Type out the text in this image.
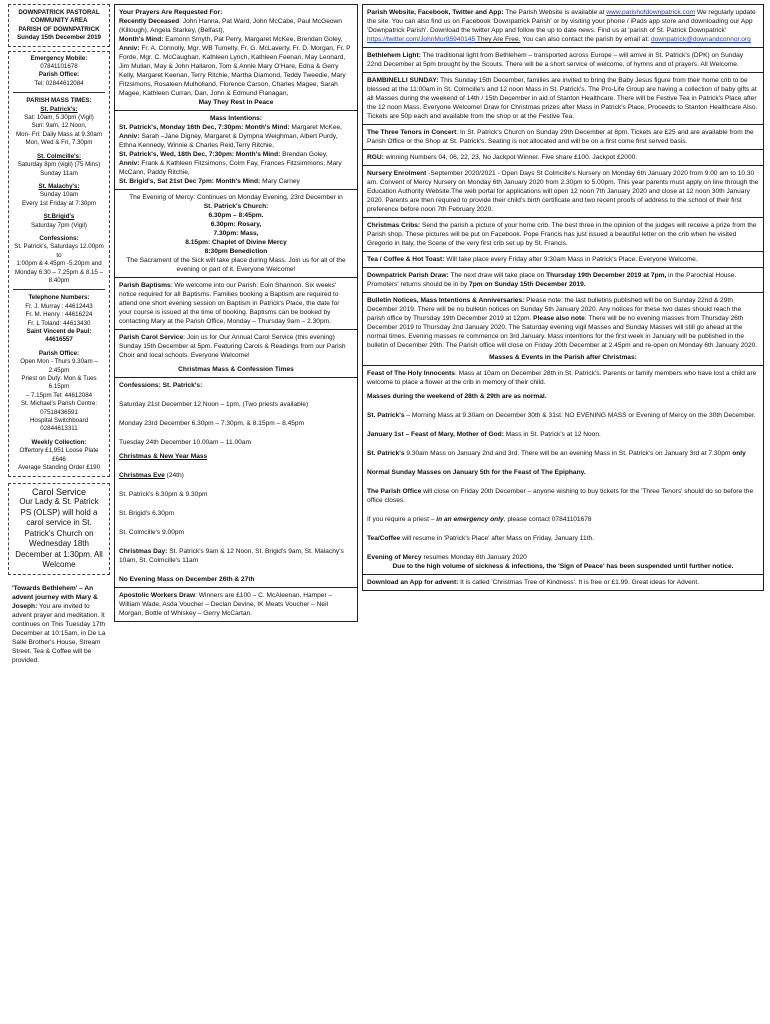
DOWNPATRICK PASTORAL

COMMUNITY AREA

PARISH OF DOWNPATRICK

Sunday 15th December 2019

Emergency Mobile: 07841101678

Parish Office:

Tel: 02844612084

PARISH MASS TIMES:

St. Patrick's:

Sat: 10am, 5.30pm (Vigil)

Sun: 9am, 12 Noon,

Mon- Fri: Daily Mass at 9.30am

Mon, Wed & Fri, 7.30pm

St. Colmcille's:

Saturday 8pm (vigil) (75 Mins)

Sunday 11am

St. Malachy's:

Sunday 10am

Every 1st Friday at 7:30pm

St.Brigid's

Saturday 7pm (Vigil)

Confessions:

St. Patrick's, Saturdays 12.00pm to

1:00pm & 4.45pm -5.20pm and

Monday 6:30 – 7.25pm & 8.15 –

8.40pm

Telephone Numbers:

Fr. J. Murray : 44612443

Fr. M. Henry : 44616224

Fr. L Toland: 44613430

Saint Vincent de Paul: 44616557

Parish Office:

Open Mon - Thurs 9.30am –

2:45pm

Priest on Duty: Mon & Tues 6.15pm

– 7.15pm Tel: 44612084

St. Michael's Parish Centre:

07518436591

Hospital Switchboard

02844613311

Weekly Collection:

Offertory £1,951 Loose Plate £646

Average Standing Order £190

Carol Service

Our Lady & St. Patrick PS (OLSP) will hold a carol service in St. Patrick's Church on Wednesday 18th December at 1:30pm. All Welcome

'Towards Bethlehem' – An advent journey with Mary & Joseph: You are invited to advent prayer and meditation. It continues on This Tuesday 17th December at 10:15am, in De La Salle Brother's House, Stream Street. Tea & Coffee will be provided.

Your Prayers Are Requested For:

Recently Deceased: John Hanna, Pat Ward, John McCabe, Paul McGeown (Killough), Angela Starkey, (Belfast),

Month's Mind: Eamonn Smyth, Pat Perry, Margaret McKee, Brendan Goley,

Anniv: Fr. A. Connolly, Mgr. WB Tumelty, Fr. G. McLaverty, Fr. D. Morgan, Fr. P Forde, Mgr. C. McCaughan, Kathleen Lynch, Kathleen Feenan, May Leonard, Jim Mullan, May & John Hallaron, Tom & Annie Mary O'Hare, Edna & Gerry Kelly, Margaret Keenan, Terry Ritchie, Martha Diamond, Teddy Tweedie, Mary Fitzsimons, Rosaleen Mulholland, Florence Carson, Charles Magee, Sarah Magee, Kathleen Curran, Dan, John & Edmund Flanagan,

May They Rest In Peace

Mass Intentions:

St. Patrick's, Monday 16th Dec, 7:30pm: Month's Mind: Margaret McKee,

Anniv: Sarah –Jane Digney, Margaret & Dympna Weighman, Albert Purdy, Ethna Kennedy, Winnie & Charles Reid,Terry Ritchie,

St. Patrick's, Wed, 18th Dec, 7:30pm: Month's Mind: Brendan Goley,

Anniv: Frank & Kathleen Fitzsimons, Colm Fay, Frances Fitzsimmons, Mary McCann, Paddy Ritchie,

St. Brigid's, Sat 21st Dec 7pm: Month's Mind: Mary Carney

The Evening of Mercy: Continues on Monday Evening, 23rd December in

St. Patrick's Church:

6.30pm – 8:45pm.

6.30pm: Rosary,

7.30pm: Mass,

8.15pm: Chaplet of Divine Mercy

8:30pm Benediction

The Sacrament of the Sick will take place during Mass. Join us for all of the evening or part of it. Everyone Welcome!

Parish Baptisms: We welcome into our Parish: Eoin Shannon. Six weeks' notice required for all Baptisms. Families booking a Baptism are required to attend one short evening session on Baptism in Patrick's Place, the date for your course is issued at the time of booking. Baptisms can be booked by contacting Mary at the Parish Office, Monday – Thursday 9am – 2.30pm.

Parish Carol Service: Join us for Our Annual Carol Service (this evening) Sunday 15th December at 5pm. Featuring Carols & Readings from our Parish Choir and local schools. Everyone Welcome!

Christmas Mass & Confession Times

Confessions: St. Patrick's:

Saturday 21st December 12 Noon – 1pm, (Two priests available)

Monday 23rd December 6.30pm – 7.30pm, & 8.15pm – 8.45pm

Tuesday 24th December 10.00am – 11.00am

Christmas & New Year Mass

Christmas Eve (24th)

St. Patrick's 6.30pm & 9.30pm

St. Brigid's 6.30pm

St. Colmcille's 9.00pm

Christmas Day: St. Patrick's 9am & 12 Noon, St. Brigid's 9am, St. Malachy's 10am, St. Colmcille's 11am

No Evening Mass on December 26th & 27th

Apostolic Workers Draw: Winners are £100 – C. McAleenan, Hamper – William Wade, Asda Voucher – Declan Devine, IK Meats Voucher – Neil Morgan, Bottle of Whiskey – Gerry McCartan.

Parish Website, Facebook, Twitter and App: The Parish Website is available at www.parishofdownpatrick.com We regularly update the site. You can also find us on Facebook 'Downpatrick Parish' or by visiting your phone / iPads app store and downloading our App 'Downpatrick Parish'. Download the twitter App and follow the up to date news. Find us at 'parish of St. Patrick Downpatrick' https://twitter.com/JohnMur95940145 They Are Free. You can also contact the parish by email at: downpatrick@downandconnor.org

Bethlehem Light: The traditional light from Bethlehem – transported across Europe – will arrive in St. Patrick's (DPK) on Sunday 22nd December at 5pm brought by the Scouts. There will be a short service of welcome, of hymns and of prayers. All Welcome.

BAMBINELLI SUNDAY: This Sunday 15th December, families are invited to bring the Baby Jesus figure from their home crib to be blessed at the 11:00am in St. Colmcille's and 12 noon Mass in St. Patrick's. The Pro-Life Group are having a collection of baby gifts at all Masses during the weekend of 14th / 15th December in aid of Stanton Healthcare. There will be Festive Tea in Patrick's Place after the 12 noon Mass. Everyone Welcome! Draw for Christmas prizes after Mass in Patrick's Place, Proceeds to Stanton Healthcare Also. Tickets are 50p each and available from the shop or at the Festive Tea.

The Three Tenors in Concert: In St. Patrick's Church on Sunday 29th December at 8pm. Tickets are £25 and are available from the Parish Office or the Shop at St. Patrick's. Seating is not allocated and will be on a first come first served basis.

RGU: winning Numbers 04, 06, 22, 23, No Jackpot Winner. Five share £100. Jackpot £2000.

Nursery Enrolment -September 2020/2021 - Open Days St Colmcille's Nursery on Monday 6th January 2020 from 9.00 am to 10.30 am. Convent of Mercy Nursery on Monday 6th January 2020 from 2.30pm to 5.00pm. This year parents must apply on line through the Education Authority Website.The web portal for applications will open 12 noon 7th January 2020 and close at 12 noon 30th January 2020. Parents are then required to provide their child's birth certificate and two recent proofs of address to the school of their first preference before noon 7th February 2020.

Christmas Cribs: Send the parish a picture of your home crib. The best three in the opinion of the judges will receive a prize from the Parish shop. These pictures will be put on Facebook. Pope Francis has just issued a beautiful letter on the crib when he visited Gregorio in Italy, the Scene of the very first crib set up by St. Francis.

Tea / Coffee & Hot Toast: Will take place every Friday after 9:30am Mass in Patrick's Place. Everyone Welcome.

Downpatrick Parish Draw: The next draw will take place on Thursday 19th December 2019 at 7pm, in the Parochial House. Promoters' returns should be in by 7pm on Sunday 15th December 2019.

Bulletin Notices, Mass Intentions & Anniversaries: Please note: the last bulletins published will be on Sunday 22nd & 29th December 2019. There will be no bulletin notices on Sunday 5th January 2020. Any notices for these two dates should reach the parish office by Thursday 19th December 2019 at 12pm. Please also note: There will be no evening masses from Thursday 26th December 2019 to Thursday 2nd January 2020. The Saturday evening vigil Masses and Sunday Masses will still go ahead at the normal times. Evening masses re commence on 3rd January. Mass intentions for the first week in January will be published in the bulletin of December 29th. The Parish office will close on Friday 20th December at 2.45pm and re-open on Monday 6th January 2020.

Masses & Events in the Parish after Christmas:

Feast of The Holy Innocents: Mass at 10am on December 28th in St. Patrick's. Parents or family members who have lost a child are welcome to place a flower at the crib in memory of their child.

Masses during the weekend of 28th & 29th are as normal.

St. Patrick's – Morning Mass at 9.30am on December 30th & 31st. NO EVENING MASS or Evening of Mercy on the 30th December.

January 1st – Feast of Mary, Mother of God: Mass in St. Patrick's at 12 Noon.

St. Patrick's 9.30am Mass on January 2nd and 3rd. There will be an evening Mass in St. Patrick's on January 3rd at 7.30pm only

Normal Sunday Masses on January 5th for the Feast of The Epiphany.

The Parish Office will close on Friday 20th December – anyone wishing to buy tickets for the 'Three Tenors' should do so before the office closes.

If you require a priest – in an emergency only, please contact 07841101678

Tea/Coffee will resume in 'Patrick's Place' after Mass on Friday, January 11th.

Evening of Mercy resumes Monday 6th January 2020

Due to the high volume of sickness & infections, the 'Sign of Peace' has been suspended until further notice.

Download an App for advent: It is called 'Christmas Tree of Kindness'. It is free or £1.99. Great ideas for Advent.
